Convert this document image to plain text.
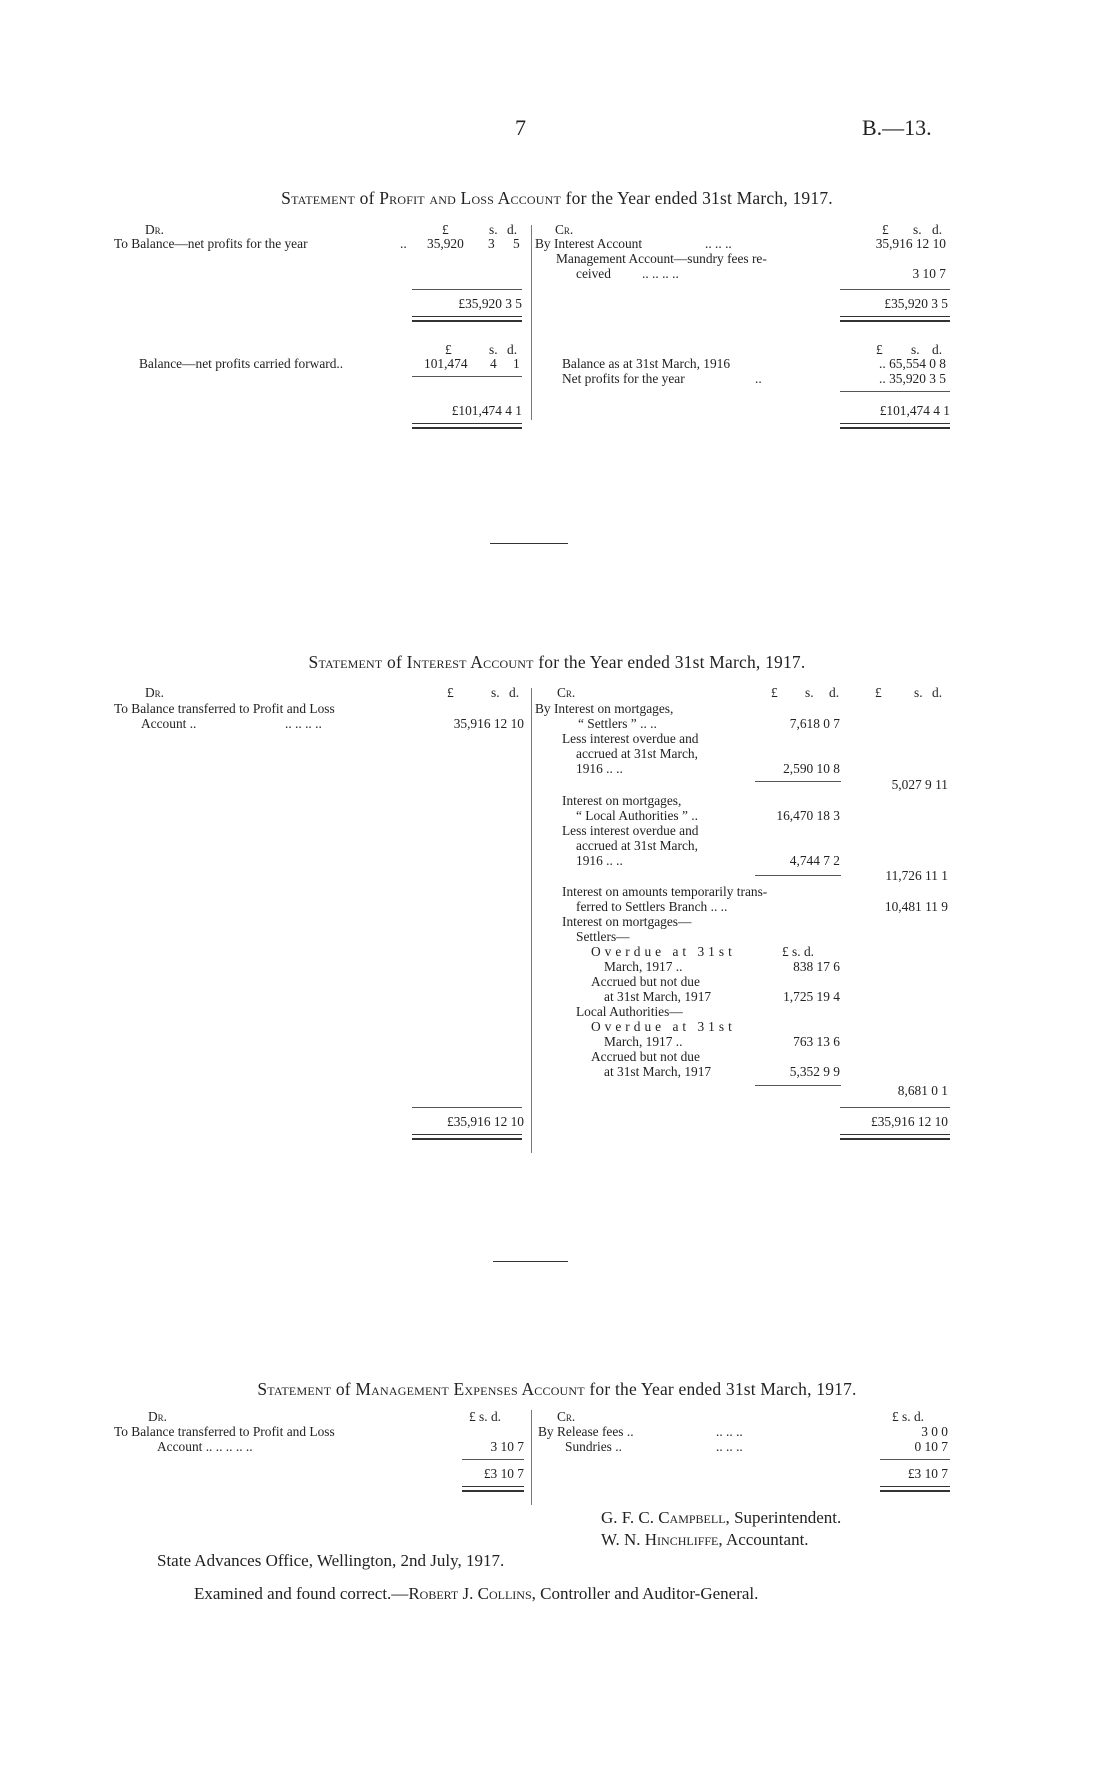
7	B.—13.
Statement of Profit and Loss Account for the Year ended 31st March, 1917.
Dr.	£	s. d.	Cr.	£ s. d.
To Balance—net profits for the year	.. 35,920 3 5 By Interest Account	.. .. ..	35,916 12 10
Management Account—sundry fees re-
ceived .. .. .. ..	3 10 7
£35,920 3 5	£35,920 3 5
£	s. d.	£ s. d.
Balance—net profits carried forward..	101,474 4 1	Balance as at 31st March, 1916	.. 65,554 0 8
Net profits for the year	..	.. 35,920 3 5
£101,474 4 1	£101,474 4 1
Statement of Interest Account for the Year ended 31st March, 1917.
Dr.	£	s. d.	Cr.	£ s. d.	£ s. d.
To Balance transferred to Profit and Loss
Account ..	.. .. .. ..	35,916 12 10
By Interest on mortgages,
“ Settlers ” .. ..	7,618 0 7
Less interest overdue and
accrued at 31st March,
1916 .. ..	2,590 10 8
5,027 9 11
Interest on mortgages,
“ Local Authorities ” ..	16,470 18 3
Less interest overdue and
accrued at 31st March,
1916 .. ..	4,744 7 2
11,726 11 1
Interest on amounts temporarily trans-
ferred to Settlers Branch .. ..	10,481 11 9
Interest on mortgages—
Settlers—
Overdue at 31st	£ s. d.
March, 1917 ..	838 17 6
Accrued but not due
at 31st March, 1917	1,725 19 4
Local Authorities—
Overdue at 31st
March, 1917 ..	763 13 6
Accrued but not due
at 31st March, 1917	5,352 9 9
8,681 0 1
£35,916 12 10	£35,916 12 10
Statement of Management Expenses Account for the Year ended 31st March, 1917.
Dr.	£ s. d.	Cr.	£ s. d.
To Balance transferred to Profit and Loss
Account .. .. .. .. ..	3 10 7
By Release fees ..	.. .. ..	3 0 0
Sundries ..	.. .. ..	0 10 7
£3 10 7	£3 10 7
G. F. C. Campbell, Superintendent.
W. N. Hinchliffe, Accountant.
State Advances Office, Wellington, 2nd July, 1917.
Examined and found correct.—Robert J. Collins, Controller and Auditor-General.
